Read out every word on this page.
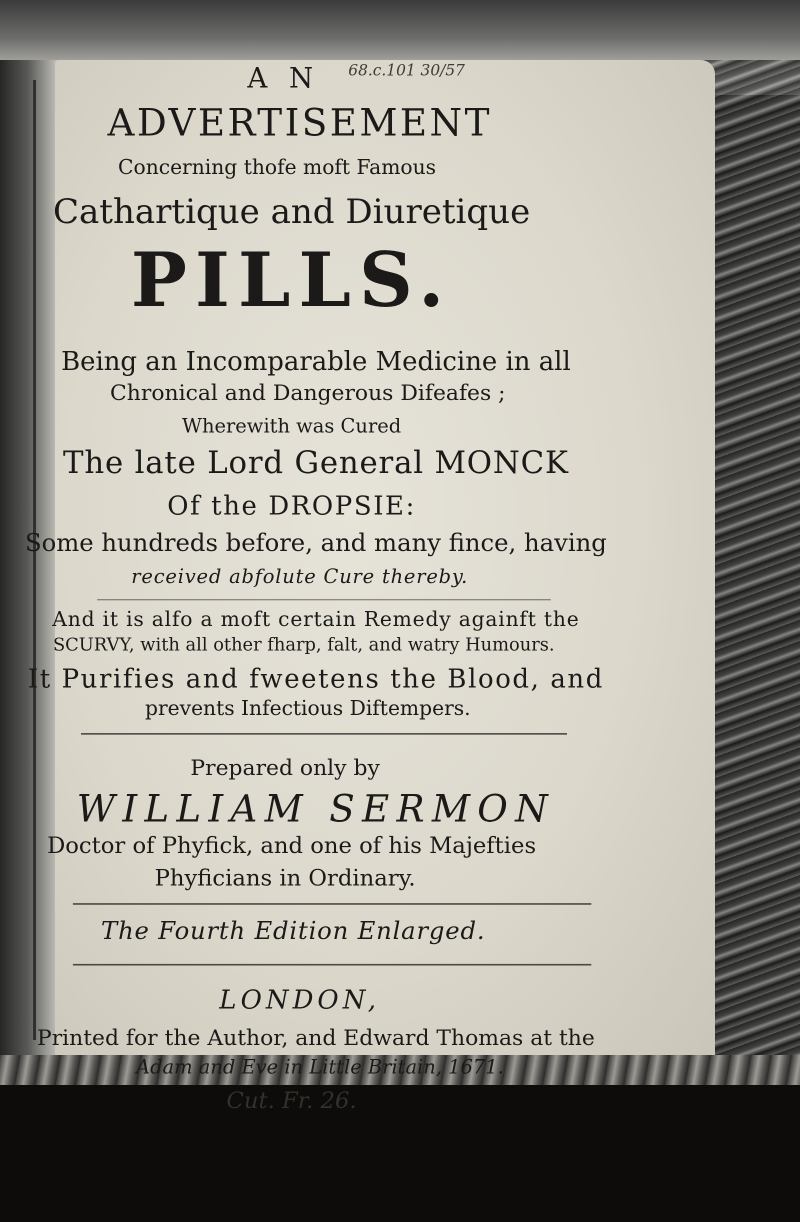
A N	68.c.101 30/57
ADVERTISEMENT
Concerning thofe moft Famous
Cathartique and Diuretique
PILLS.
Being an Incomparable Medicine in all
Chronical and Dangerous Difeafes ;
Wherewith was Cured
The late Lord General MONCK
Of the DROPSIE:
Some hundreds before, and many fince, having
received abfolute Cure thereby.
And it is alfo a moft certain Remedy againft the
SCURVY, with all other fharp, falt, and watry Humours.
It Purifies and fweetens the Blood, and
prevents Infectious Diftempers.
Prepared only by
WILLIAM SERMON
Doctor of Phyfick, and one of his Majefties
Phyficians in Ordinary.
The Fourth Edition Enlarged.
LONDON,
Printed for the Author, and Edward Thomas at the
Adam and Eve in Little Britain, 1671.
Cut. Fr. 26.
